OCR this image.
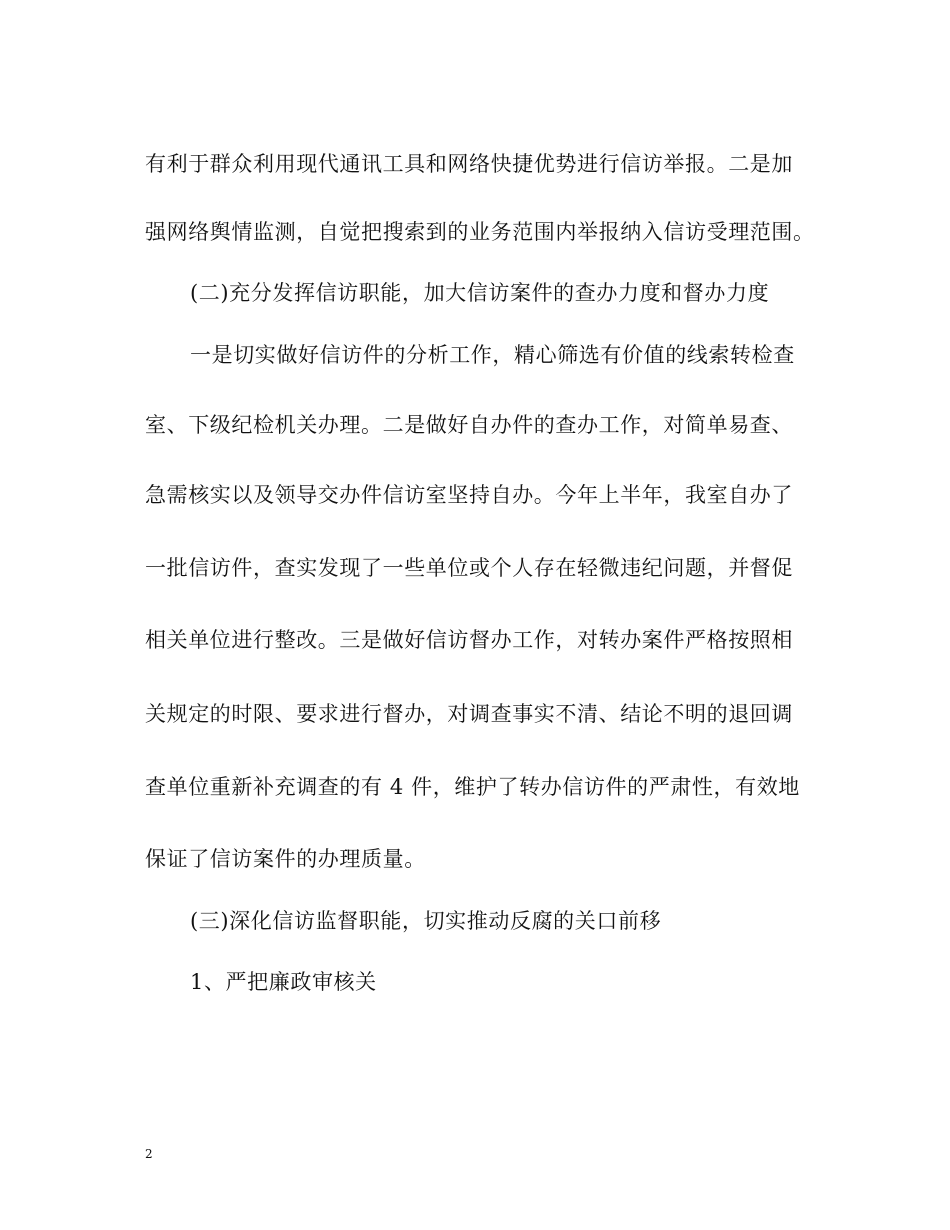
有利于群众利用现代通讯工具和网络快捷优势进行信访举报。二是加
强网络舆情监测，自觉把搜索到的业务范围内举报纳入信访受理范围。
(二)充分发挥信访职能，加大信访案件的查办力度和督办力度
一是切实做好信访件的分析工作，精心筛选有价值的线索转检查
室、下级纪检机关办理。二是做好自办件的查办工作，对简单易查、
急需核实以及领导交办件信访室坚持自办。今年上半年，我室自办了
一批信访件，查实发现了一些单位或个人存在轻微违纪问题，并督促
相关单位进行整改。三是做好信访督办工作，对转办案件严格按照相
关规定的时限、要求进行督办，对调查事实不清、结论不明的退回调
查单位重新补充调查的有 4 件，维护了转办信访件的严肃性，有效地
保证了信访案件的办理质量。
(三)深化信访监督职能，切实推动反腐的关口前移
1、严把廉政审核关
2
